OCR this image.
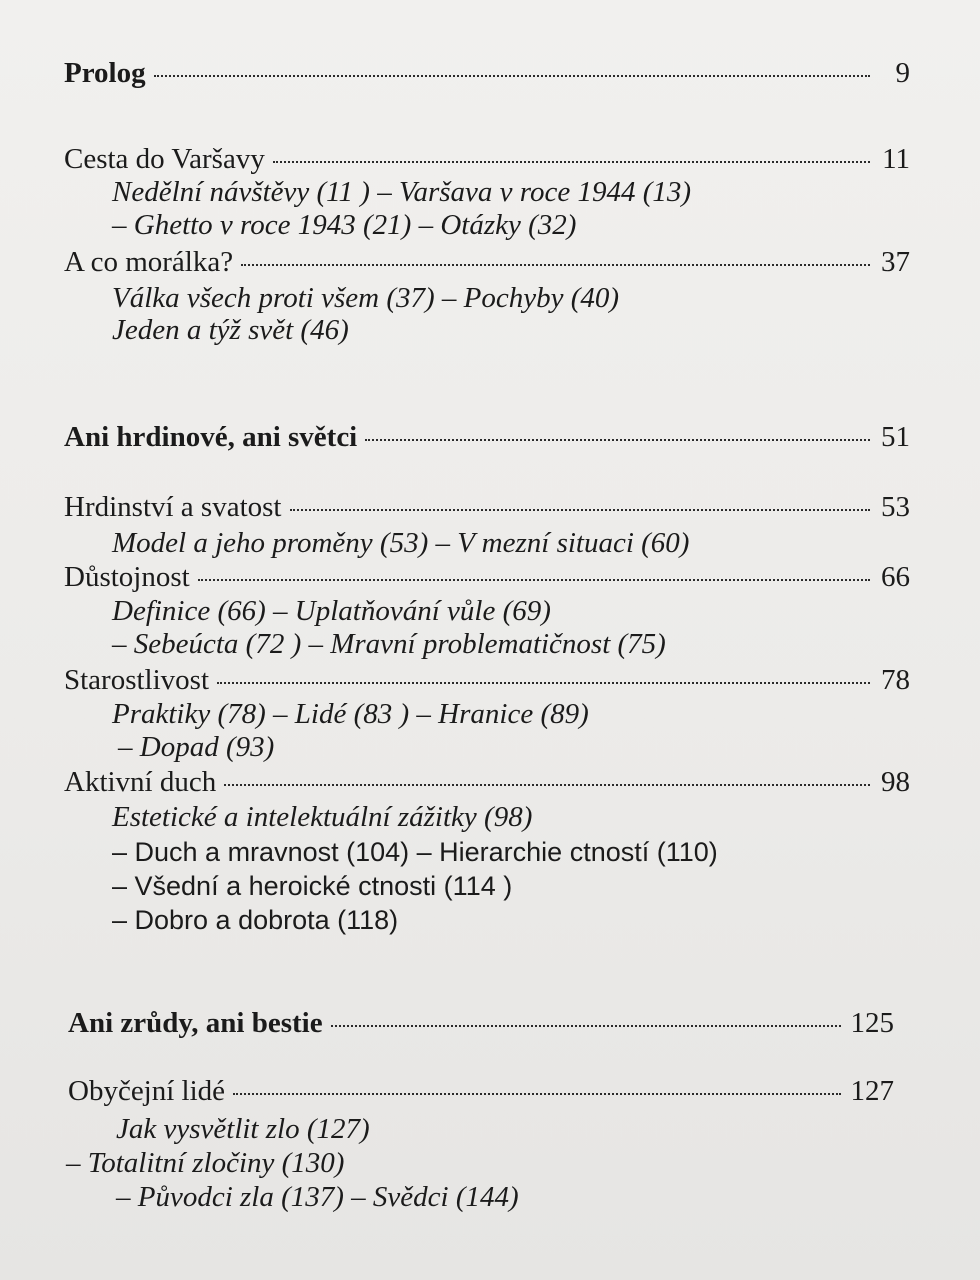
Prolog	9
Cesta do Varšavy	11
Nedělní návštěvy (11 ) – Varšava v roce 1944 (13)
– Ghetto v roce 1943 (21) – Otázky (32)
A co morálka?	37
Válka všech proti všem (37) – Pochyby (40)
Jeden a týž svět (46)
Ani hrdinové, ani světci	51
Hrdinství a svatost	53
Model a jeho proměny (53) – V mezní situaci (60)
Důstojnost	66
Definice (66) – Uplatňování vůle (69)
– Sebeúcta (72 ) – Mravní problematičnost (75)
Starostlivost	78
Praktiky (78) – Lidé (83 ) – Hranice (89)
– Dopad (93)
Aktivní duch	98
Estetické a intelektuální zážitky (98)
– Duch a mravnost (104) – Hierarchie ctností (110)
– Všední a heroické ctnosti (114 )
– Dobro a dobrota (118)
Ani zrůdy, ani bestie	125
Obyčejní lidé	127
Jak vysvětlit zlo (127)
– Totalitní zločiny (130)
– Původci zla (137) – Svědci (144)
